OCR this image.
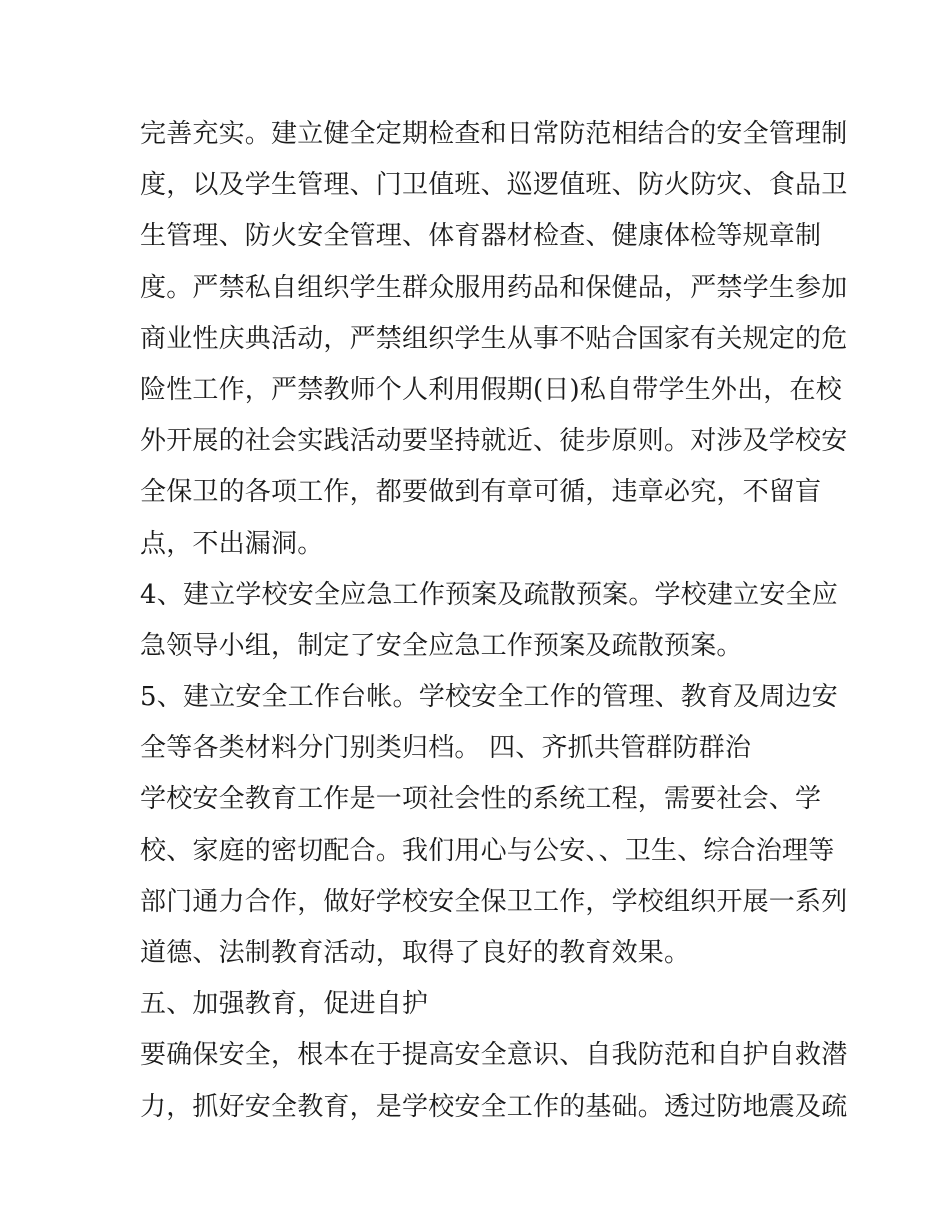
完善充实。建立健全定期检查和日常防范相结合的安全管理制
度，以及学生管理、门卫值班、巡逻值班、防火防灾、食品卫
生管理、防火安全管理、体育器材检查、健康体检等规章制
度。严禁私自组织学生群众服用药品和保健品，严禁学生参加
商业性庆典活动，严禁组织学生从事不贴合国家有关规定的危
险性工作，严禁教师个人利用假期(日)私自带学生外出，在校
外开展的社会实践活动要坚持就近、徒步原则。对涉及学校安
全保卫的各项工作，都要做到有章可循，违章必究，不留盲
点，不出漏洞。
4、建立学校安全应急工作预案及疏散预案。学校建立安全应
急领导小组，制定了安全应急工作预案及疏散预案。
5、建立安全工作台帐。学校安全工作的管理、教育及周边安
全等各类材料分门别类归档。 四、齐抓共管群防群治
学校安全教育工作是一项社会性的系统工程，需要社会、学
校、家庭的密切配合。我们用心与公安、、卫生、综合治理等
部门通力合作，做好学校安全保卫工作，学校组织开展一系列
道德、法制教育活动，取得了良好的教育效果。
五、加强教育，促进自护
要确保安全，根本在于提高安全意识、自我防范和自护自救潜
力，抓好安全教育，是学校安全工作的基础。透过防地震及疏
